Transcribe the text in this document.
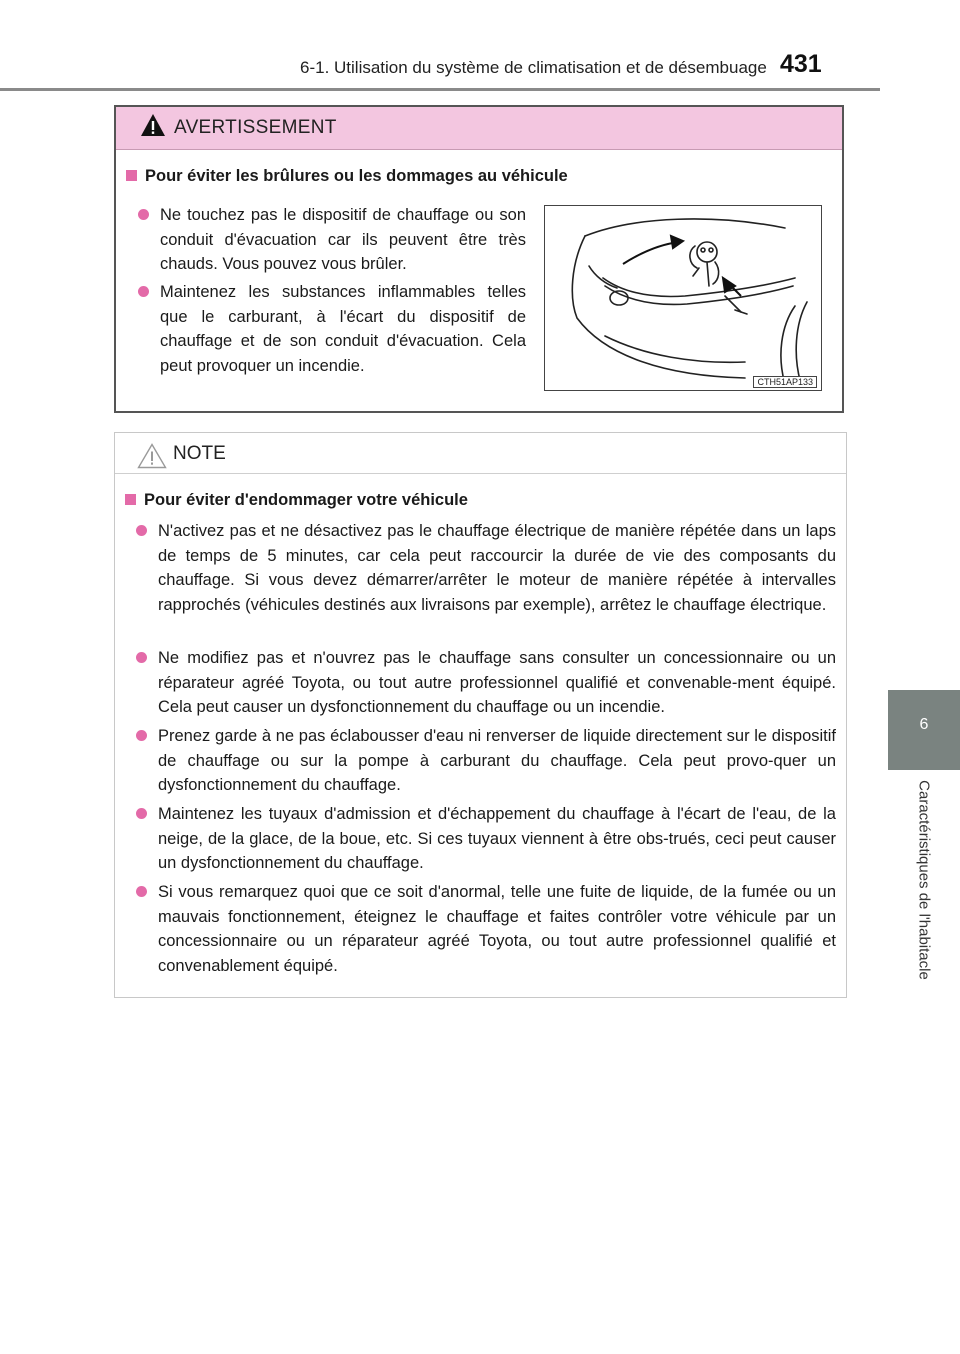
6-1. Utilisation du système de climatisation et de désembuage 431
6
Caractéristiques de l'habitacle
AVERTISSEMENT
Pour éviter les brûlures ou les dommages au véhicule
Ne touchez pas le dispositif de chauffage ou son conduit d'évacuation car ils peuvent être très chauds. Vous pouvez vous brûler.
Maintenez les substances inflammables telles que le carburant, à l'écart du dispositif de chauffage et de son conduit d'évacuation. Cela peut provoquer un incendie.
CTH51AP133
NOTE
Pour éviter d'endommager votre véhicule
N'activez pas et ne désactivez pas le chauffage électrique de manière répétée dans un laps de temps de 5 minutes, car cela peut raccourcir la durée de vie des composants du chauffage. Si vous devez démarrer/arrêter le moteur de manière répétée à intervalles rapprochés (véhicules destinés aux livraisons par exemple), arrêtez le chauffage électrique.
Ne modifiez pas et n'ouvrez pas le chauffage sans consulter un concessionnaire ou un réparateur agréé Toyota, ou tout autre professionnel qualifié et convenable-ment équipé. Cela peut causer un dysfonctionnement du chauffage ou un incendie.
Prenez garde à ne pas éclabousser d'eau ni renverser de liquide directement sur le dispositif de chauffage ou sur la pompe à carburant du chauffage. Cela peut provo-quer un dysfonctionnement du chauffage.
Maintenez les tuyaux d'admission et d'échappement du chauffage à l'écart de l'eau, de la neige, de la glace, de la boue, etc. Si ces tuyaux viennent à être obs-trués, ceci peut causer un dysfonctionnement du chauffage.
Si vous remarquez quoi que ce soit d'anormal, telle une fuite de liquide, de la fumée ou un mauvais fonctionnement, éteignez le chauffage et faites contrôler votre véhicule par un concessionnaire ou un réparateur agréé Toyota, ou tout autre professionnel qualifié et convenablement équipé.
